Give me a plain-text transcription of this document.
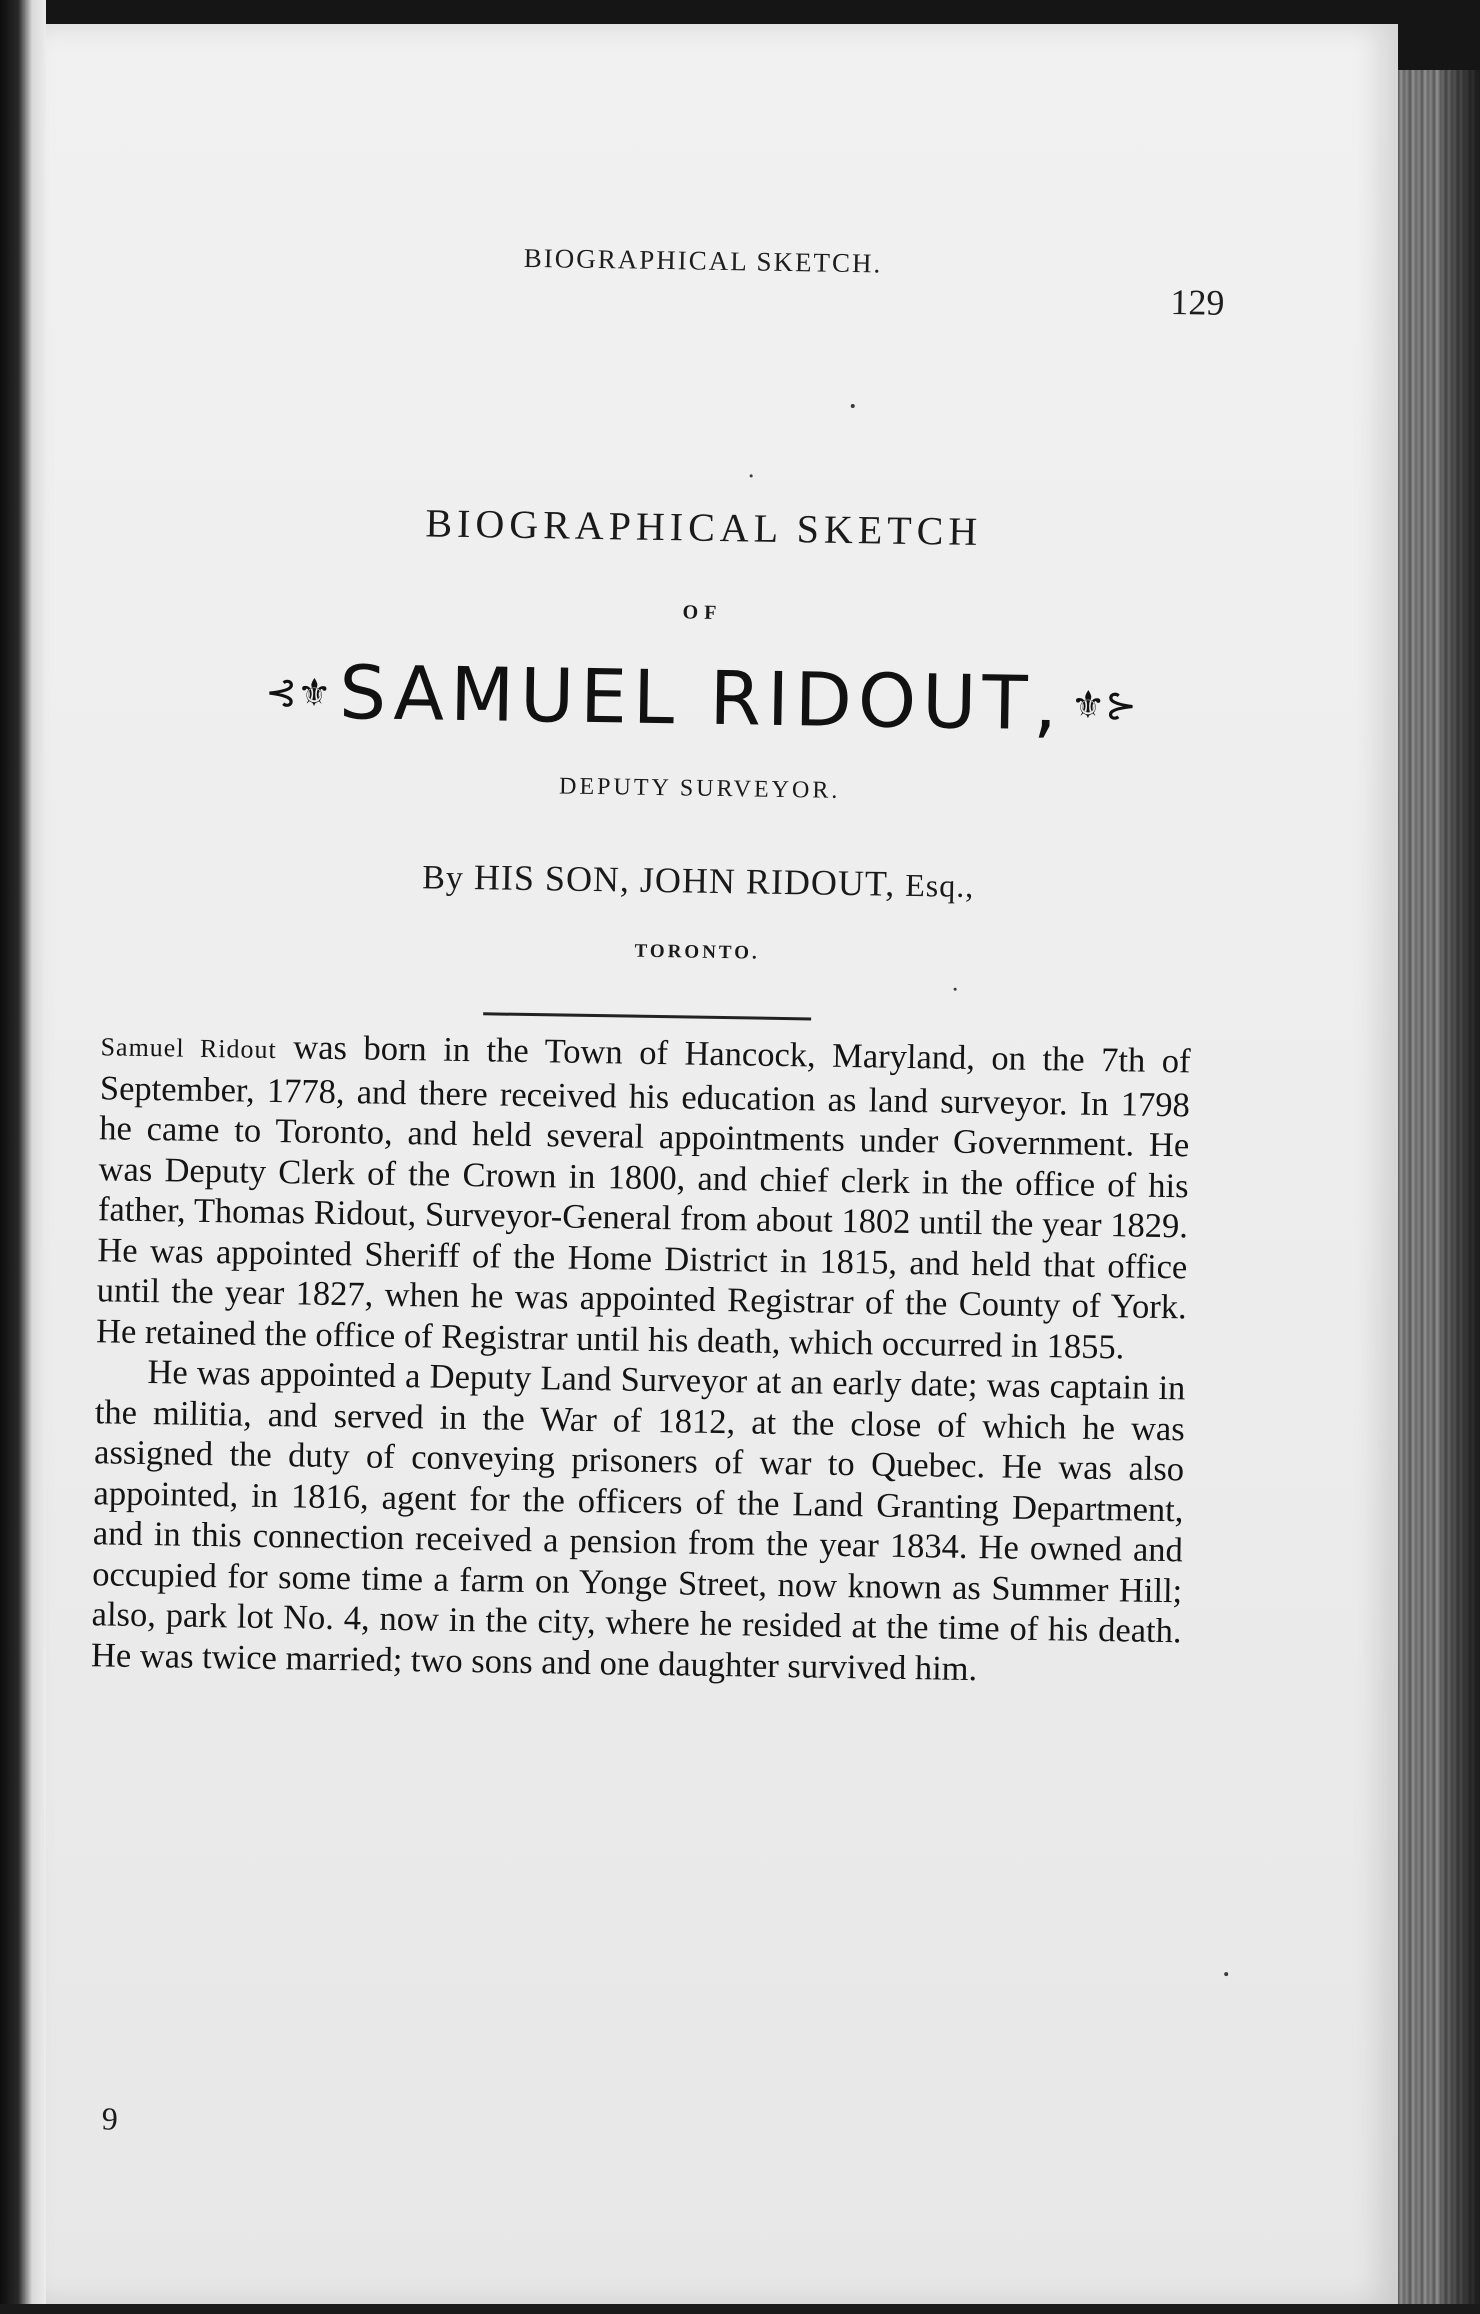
BIOGRAPHICAL SKETCH.
129
BIOGRAPHICAL SKETCH
OF
⊰⚜SAMUEL RIDOUT, ⚜⊱
DEPUTY SURVEYOR.
By HIS SON, JOHN RIDOUT, Esq.,
TORONTO.

Samuel Ridout was born in the Town of Hancock, Maryland, on the 7th of September, 1778, and there received his education as land surveyor. In 1798 he came to Toronto, and held several appointments under Government. He was Deputy Clerk of the Crown in 1800, and chief clerk in the office of his father, Thomas Ridout, Surveyor-General from about 1802 until the year 1829. He was appointed Sheriff of the Home District in 1815, and held that office until the year 1827, when he was appointed Registrar of the County of York. He retained the office of Registrar until his death, which occurred in 1855.

He was appointed a Deputy Land Surveyor at an early date; was captain in the militia, and served in the War of 1812, at the close of which he was assigned the duty of conveying prisoners of war to Quebec. He was also appointed, in 1816, agent for the officers of the Land Granting Department, and in this connection received a pension from the year 1834. He owned and occupied for some time a farm on Yonge Street, now known as Summer Hill; also, park lot No. 4, now in the city, where he resided at the time of his death. He was twice married; two sons and one daughter survived him.

9
